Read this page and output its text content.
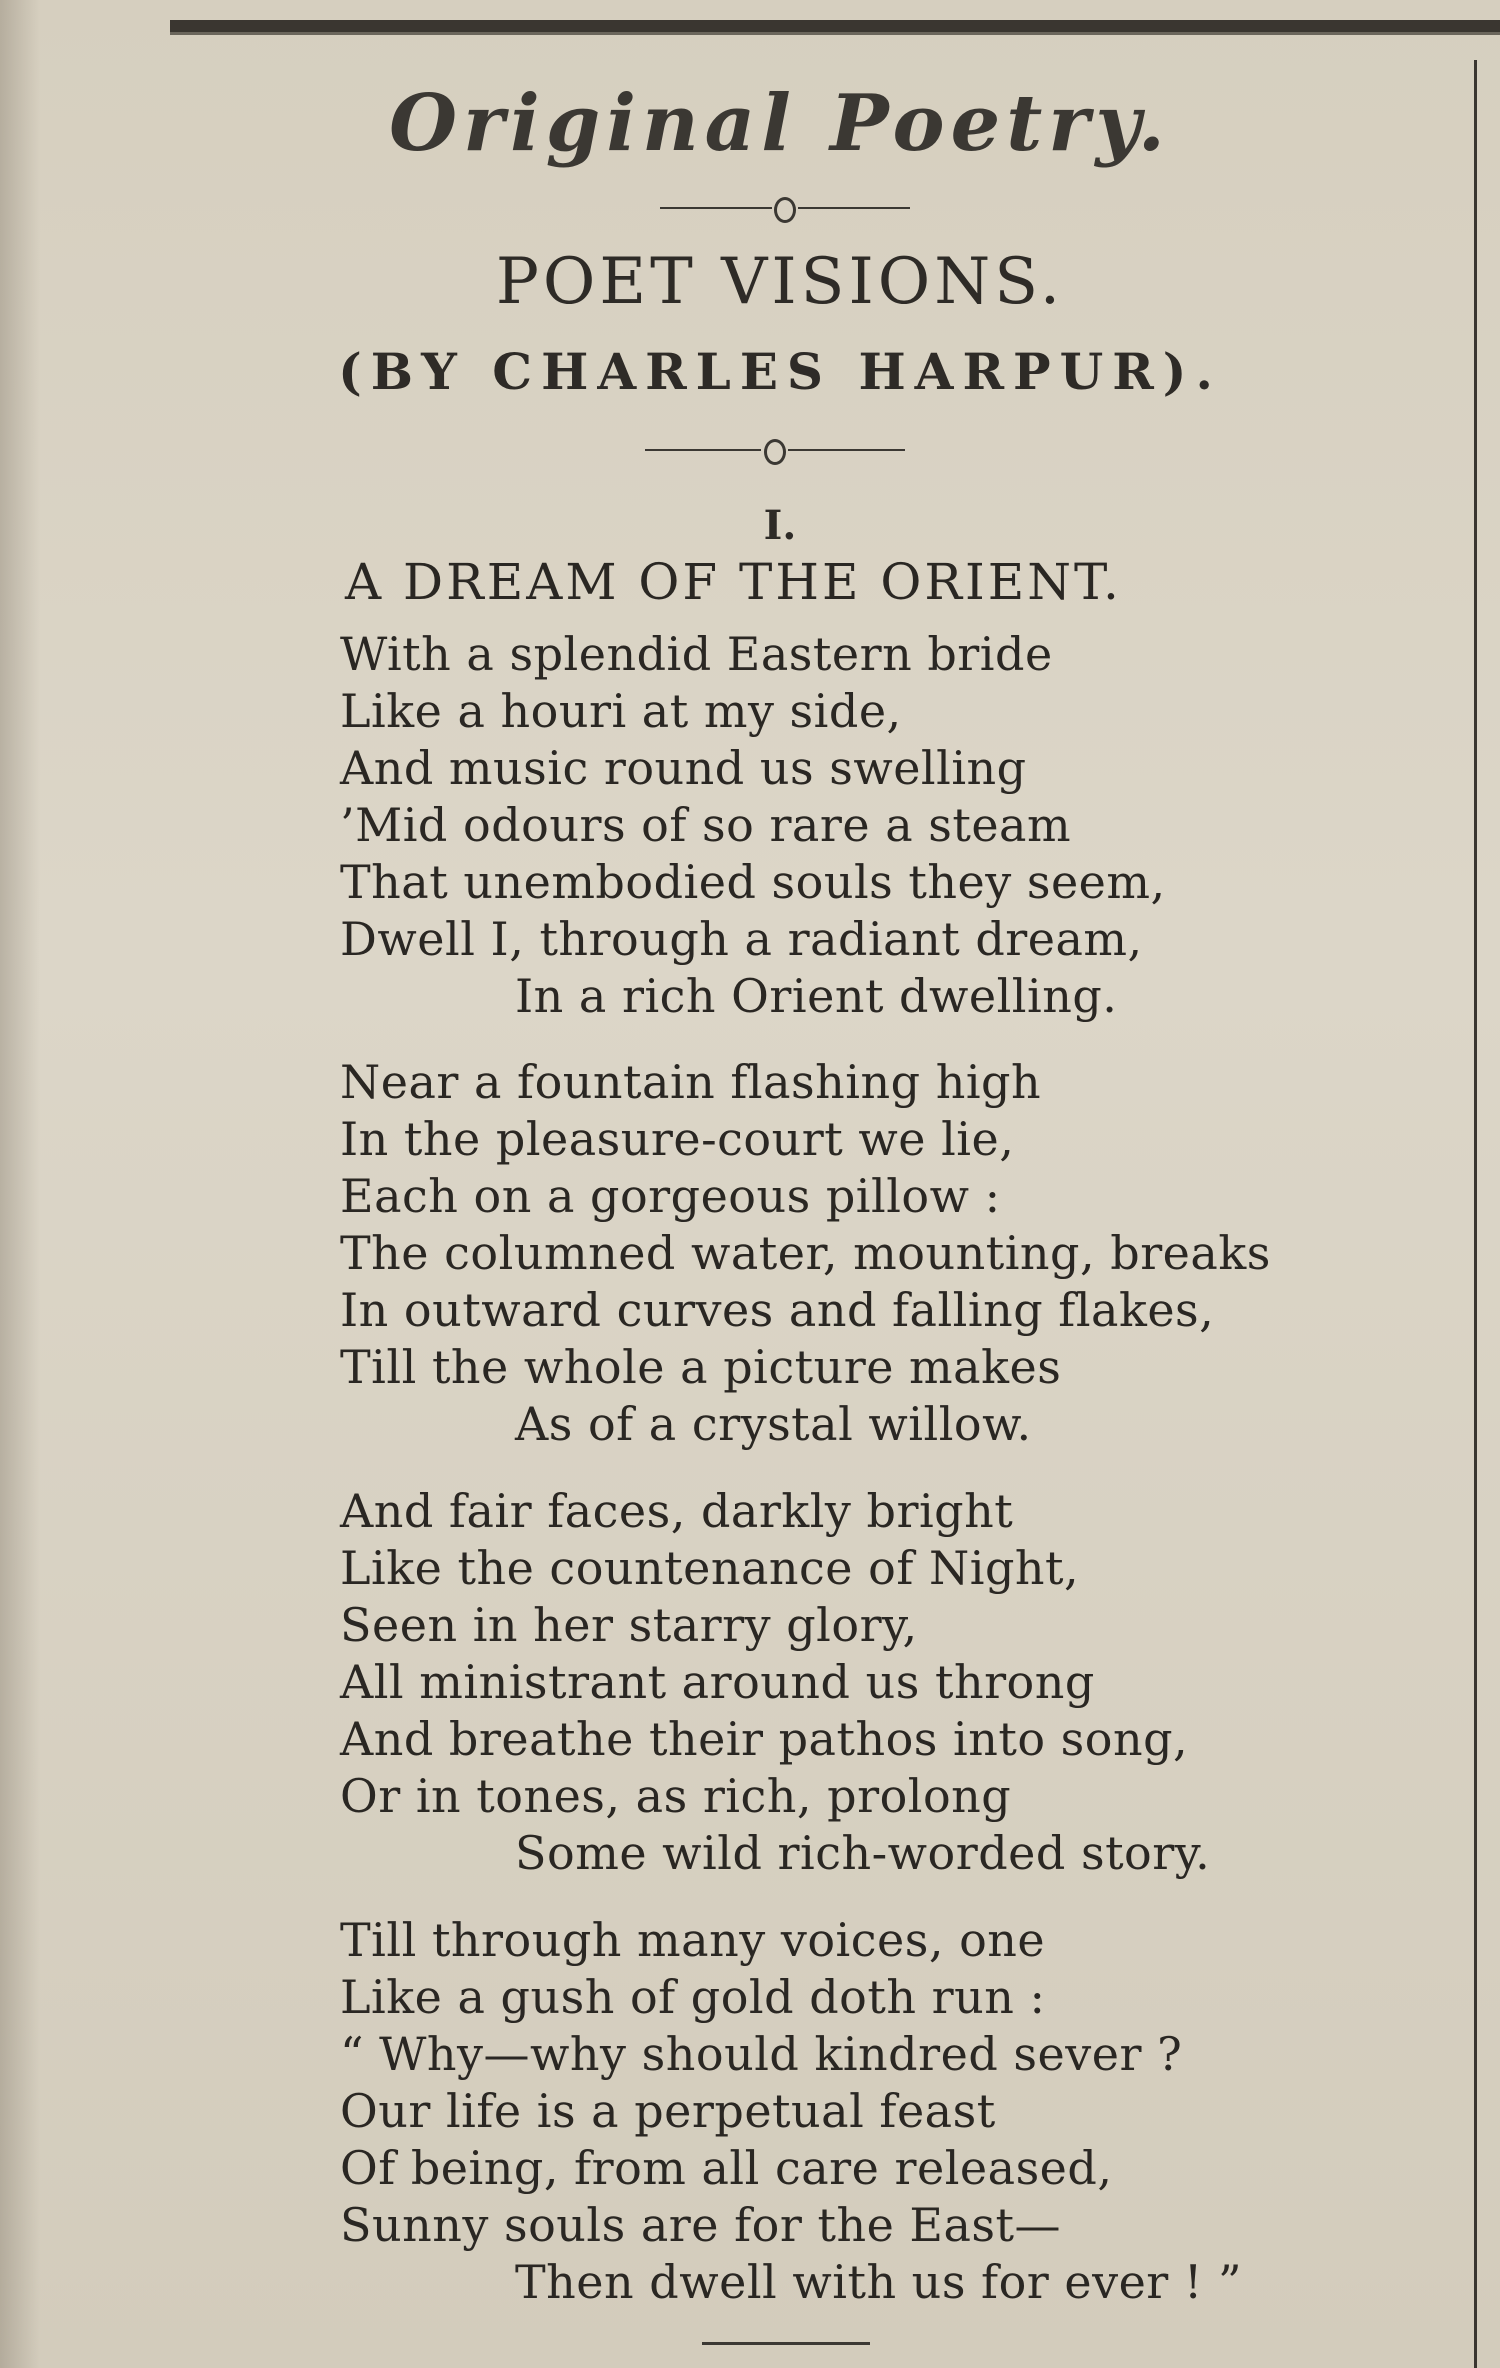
Original Poetry.
POET VISIONS.
(BY CHARLES HARPUR).
I.
A DREAM OF THE ORIENT.
With a splendid Eastern bride
Like a houri at my side,
And music round us swelling
’Mid odours of so rare a steam
That unembodied souls they seem,
Dwell I, through a radiant dream,
In a rich Orient dwelling.
Near a fountain flashing high
In the pleasure-court we lie,
Each on a gorgeous pillow :
The columned water, mounting, breaks
In outward curves and falling flakes,
Till the whole a picture makes
As of a crystal willow.
And fair faces, darkly bright
Like the countenance of Night,
Seen in her starry glory,
All ministrant around us throng
And breathe their pathos into song,
Or in tones, as rich, prolong
Some wild rich-worded story.
Till through many voices, one
Like a gush of gold doth run :
“ Why—why should kindred sever ?
Our life is a perpetual feast
Of being, from all care released,
Sunny souls are for the East—
Then dwell with us for ever ! ”
